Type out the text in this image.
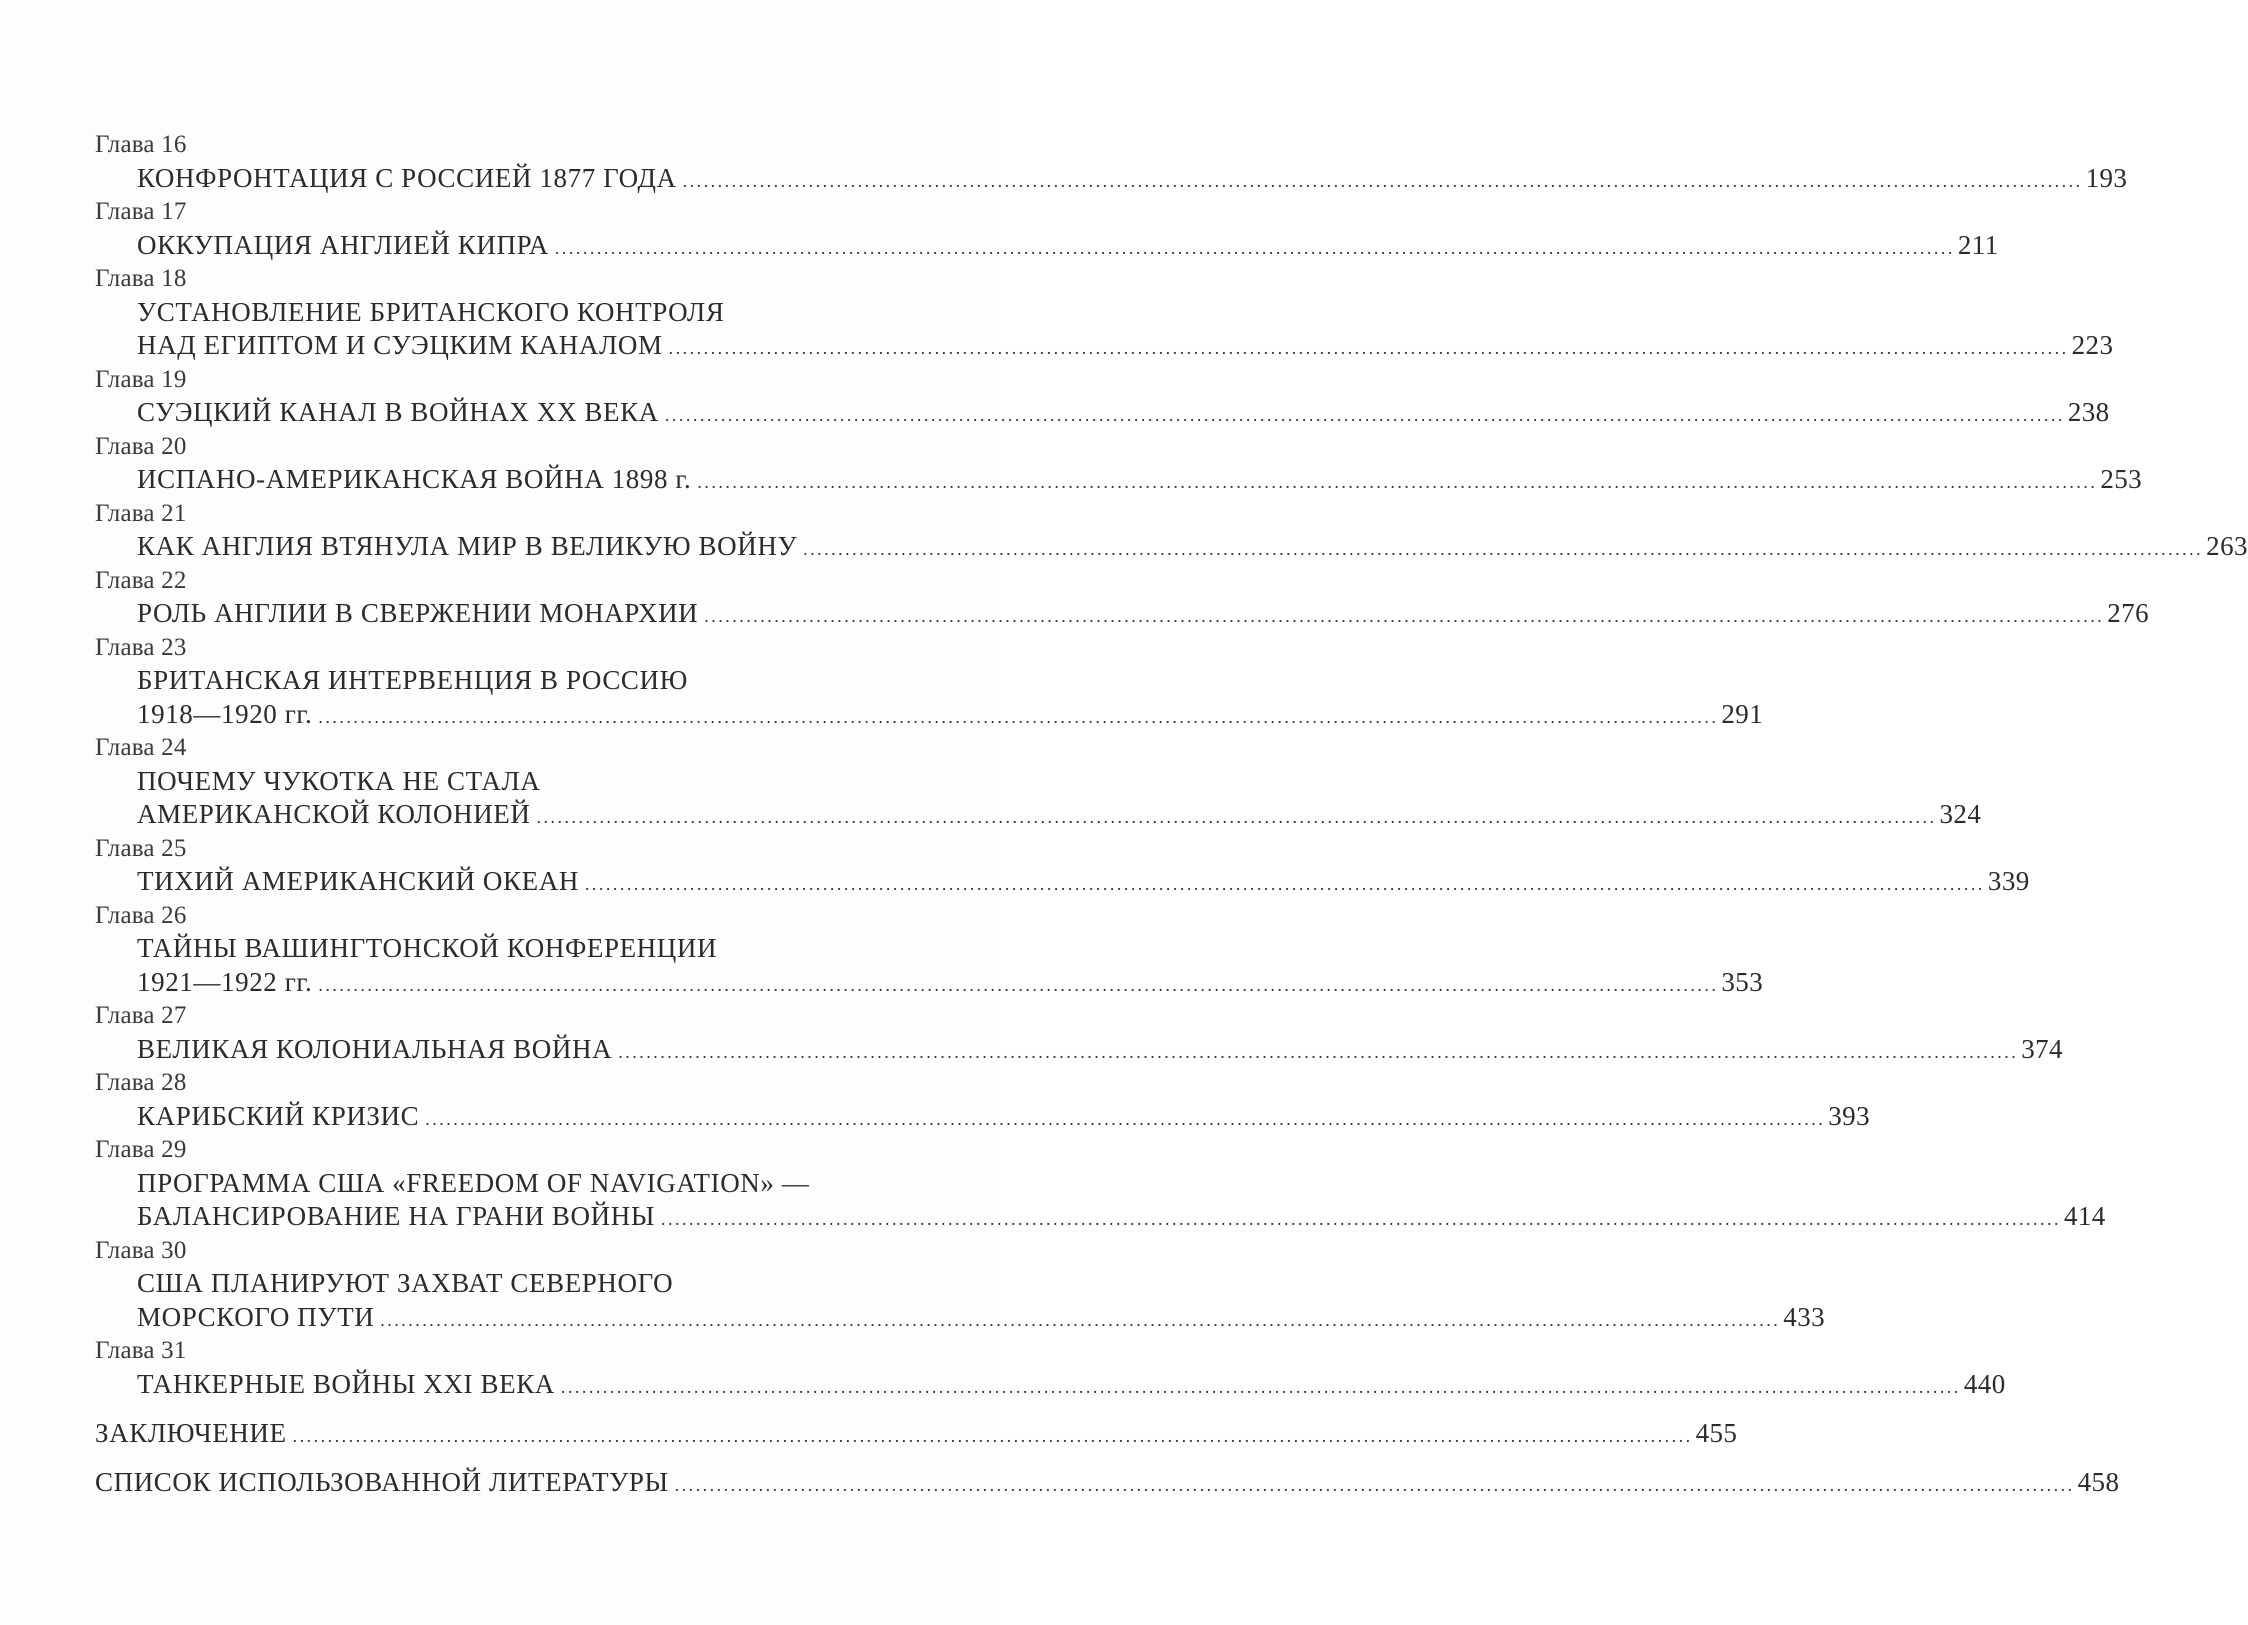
Глава 16
КОНФРОНТАЦИЯ С РОССИЕЙ 1877 ГОДА ........................................................................................................................................................................................................ 193
Глава 17
ОККУПАЦИЯ АНГЛИЕЙ КИПРА ........................................................................................................................................................................................................ 211
Глава 18
УСТАНОВЛЕНИЕ БРИТАНСКОГО КОНТРОЛЯ
НАД ЕГИПТОМ И СУЭЦКИМ КАНАЛОМ ........................................................................................................................................................................................................ 223
Глава 19
СУЭЦКИЙ КАНАЛ В ВОЙНАХ XX ВЕКА ........................................................................................................................................................................................................ 238
Глава 20
ИСПАНО-АМЕРИКАНСКАЯ ВОЙНА 1898 г. ........................................................................................................................................................................................................ 253
Глава 21
КАК АНГЛИЯ ВТЯНУЛА МИР В ВЕЛИКУЮ ВОЙНУ ........................................................................................................................................................................................................ 263
Глава 22
РОЛЬ АНГЛИИ В СВЕРЖЕНИИ МОНАРХИИ ........................................................................................................................................................................................................ 276
Глава 23
БРИТАНСКАЯ ИНТЕРВЕНЦИЯ В РОССИЮ
1918—1920 гг. ........................................................................................................................................................................................................ 291
Глава 24
ПОЧЕМУ ЧУКОТКА НЕ СТАЛА
АМЕРИКАНСКОЙ КОЛОНИЕЙ ........................................................................................................................................................................................................ 324
Глава 25
ТИХИЙ АМЕРИКАНСКИЙ ОКЕАН ........................................................................................................................................................................................................ 339
Глава 26
ТАЙНЫ ВАШИНГТОНСКОЙ КОНФЕРЕНЦИИ
1921—1922 гг. ........................................................................................................................................................................................................ 353
Глава 27
ВЕЛИКАЯ КОЛОНИАЛЬНАЯ ВОЙНА ........................................................................................................................................................................................................ 374
Глава 28
КАРИБСКИЙ КРИЗИС ........................................................................................................................................................................................................ 393
Глава 29
ПРОГРАММА США «FREEDOM OF NAVIGATION» —
БАЛАНСИРОВАНИЕ НА ГРАНИ ВОЙНЫ ........................................................................................................................................................................................................ 414
Глава 30
США ПЛАНИРУЮТ ЗАХВАТ СЕВЕРНОГО
МОРСКОГО ПУТИ ........................................................................................................................................................................................................ 433
Глава 31
ТАНКЕРНЫЕ ВОЙНЫ XXI ВЕКА ........................................................................................................................................................................................................ 440
ЗАКЛЮЧЕНИЕ ........................................................................................................................................................................................................ 455
СПИСОК ИСПОЛЬЗОВАННОЙ ЛИТЕРАТУРЫ ........................................................................................................................................................................................................ 458
